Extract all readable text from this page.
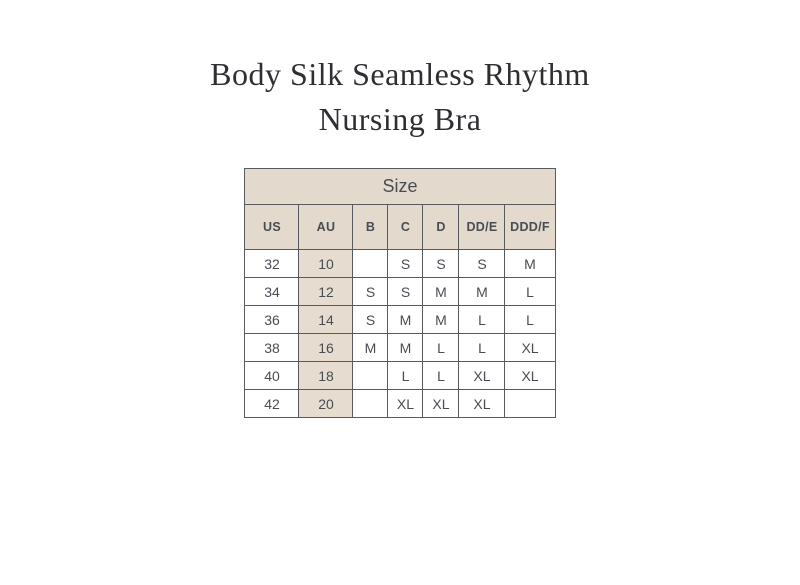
Body Silk Seamless Rhythm
Nursing Bra
Size						
US	AU	B	C	D	DD/E	DDD/F
32	10		S	S	S	M
34	12	S	S	M	M	L
36	14	S	M	M	L	L
38	16	M	M	L	L	XL
40	18		L	L	XL	XL
42	20		XL	XL	XL	
